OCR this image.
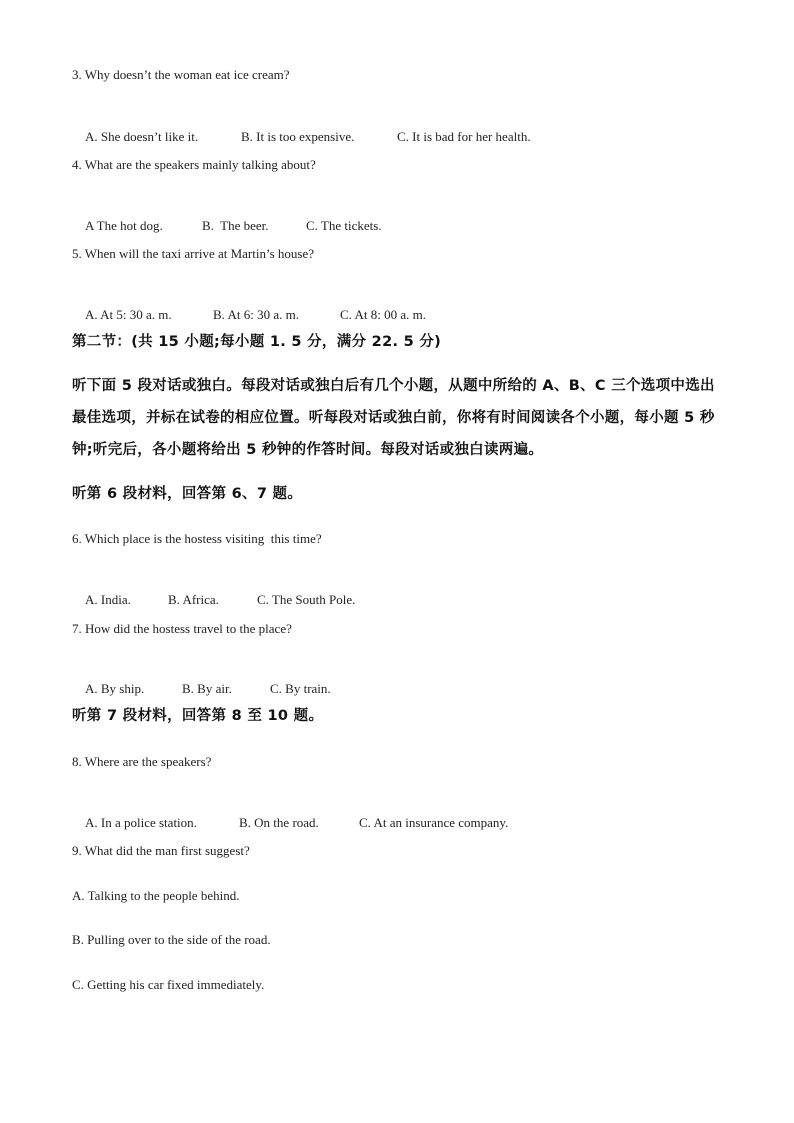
3. Why doesn’t the woman eat ice cream?

A. She doesn’t like it.	B. It is too expensive.	C. It is bad for her health.

4. What are the speakers mainly talking about?

A The hot dog.	B.  The beer.	C. The tickets.

5. When will the taxi arrive at Martin’s house?

A. At 5: 30 a. m.	B. At 6: 30 a. m.	C. At 8: 00 a. m.

第二节：(共 15 小题;每小题 1. 5 分，满分 22. 5 分)
听下面 5 段对话或独白。每段对话或独白后有几个小题，从题中所给的 A、B、C 三个选项中选出最佳选项，并标在试卷的相应位置。听每段对话或独白前，你将有时间阅读各个小题，每小题 5 秒钟;听完后，各小题将给出 5 秒钟的作答时间。每段对话或独白读两遍。
听第 6 段材料，回答第 6、7 题。
6. Which place is the hostess visiting  this time?

A. India.	B. Africa.	C. The South Pole.

7. How did the hostess travel to the place?

A. By ship.	B. By air.	C. By train.

听第 7 段材料，回答第 8 至 10 题。
8. Where are the speakers?

A. In a police station.	B. On the road.	C. At an insurance company.

9. What did the man first suggest?
A. Talking to the people behind.
B. Pulling over to the side of the road.
C. Getting his car fixed immediately.
